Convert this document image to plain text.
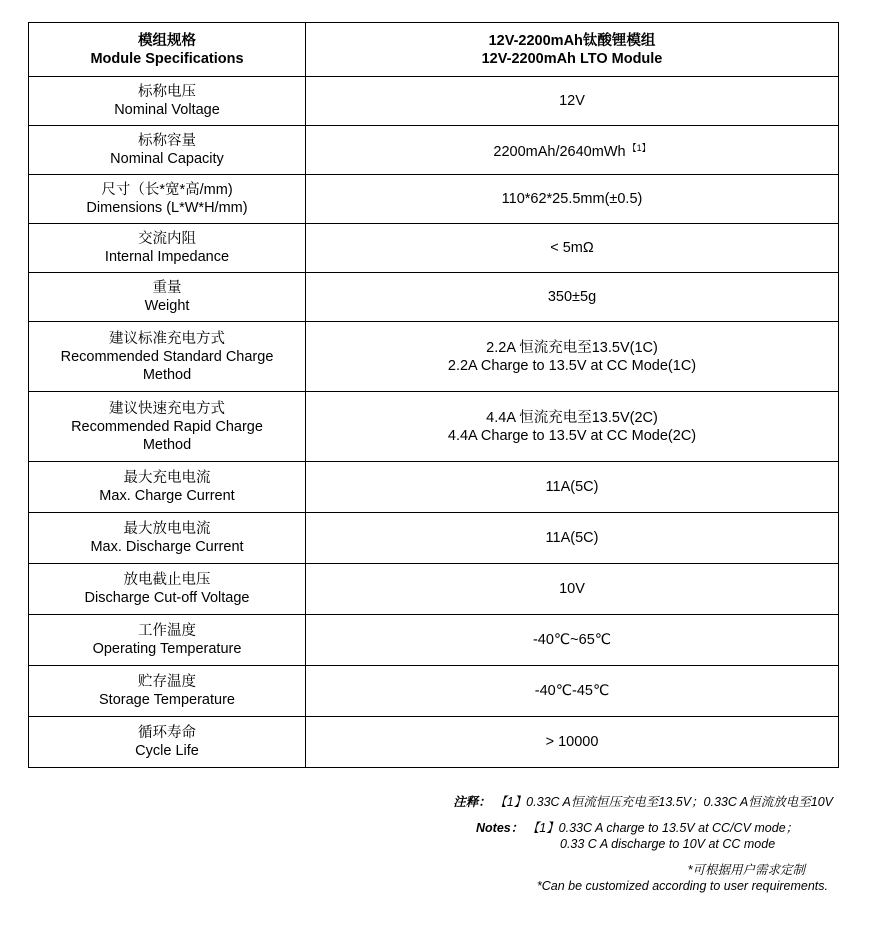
模组规格
Module Specifications	12V-2200mAh钛酸锂模组
12V-2200mAh LTO Module

标称电压
Nominal Voltage	12V

标称容量
Nominal Capacity	2200mAh/2640mWh $^{【1】}$

尺寸（长*宽*高/mm)
Dimensions (L*W*H/mm)	110*62*25.5mm(±0.5)

交流内阻
Internal Impedance	< 5mΩ

重量
Weight	350±5g

建议标准充电方式
Recommended Standard Charge
Method	2.2A 恒流充电至13.5V(1C)
2.2A Charge to 13.5V at CC Mode(1C)

建议快速充电方式
Recommended Rapid Charge
Method	4.4A 恒流充电至13.5V(2C)
4.4A Charge to 13.5V at CC Mode(2C)

最大充电电流
Max. Charge Current	11A(5C)

最大放电电流
Max. Discharge Current	11A(5C)

放电截止电压
Discharge Cut-off Voltage	10V

工作温度
Operating Temperature	-40℃~65℃

贮存温度
Storage Temperature	-40℃-45℃

循环寿命
Cycle Life	> 10000
注释： 【1】0.33C A恒流恒压充电至13.5V；0.33C A恒流放电至10V
Notes： 【1】0.33C A charge to 13.5V at CC/CV mode；
0.33 C A discharge to 10V at CC mode
*可根据用户需求定制
*Can be customized according to user requirements.
